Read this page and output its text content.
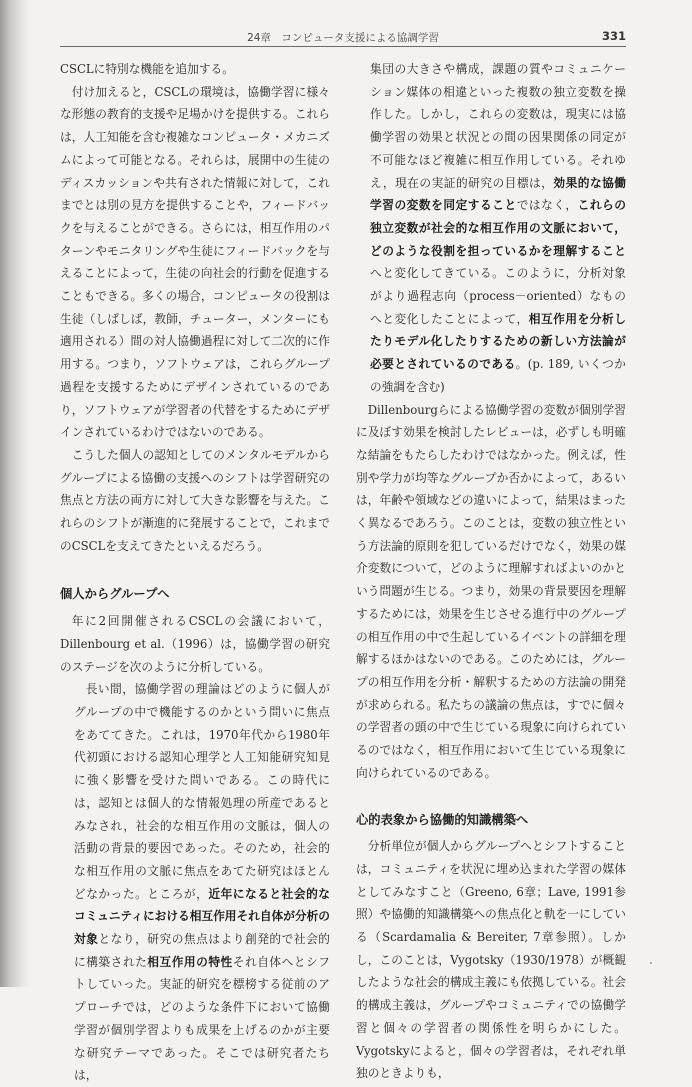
24章　コンピュータ支援による協調学習	331

CSCLに特別な機能を追加する。

付け加えると，CSCLの環境は，協働学習に様々な形態の教育的支援や足場かけを提供する。これらは，人工知能を含む複雑なコンピュータ・メカニズムによって可能となる。それらは，展開中の生徒のディスカッションや共有された情報に対して，これまでとは別の見方を提供することや，フィードバックを与えることができる。さらには，相互作用のパターンやモニタリングや生徒にフィードバックを与えることによって，生徒の向社会的行動を促進することもできる。多くの場合，コンピュータの役割は生徒（しばしば，教師，チューター，メンターにも適用される）間の対人協働過程に対して二次的に作用する。つまり，ソフトウェアは，これらグループ過程を支援するためにデザインされているのであり，ソフトウェアが学習者の代替をするためにデザインされているわけではないのである。

こうした個人の認知としてのメンタルモデルからグループによる協働の支援へのシフトは学習研究の焦点と方法の両方に対して大きな影響を与えた。これらのシフトが漸進的に発展することで，これまでのCSCLを支えてきたといえるだろう。

個人からグループへ

年に2回開催されるCSCLの会議において，Dillenbourg et al.（1996）は，協働学習の研究のステージを次のように分析している。

長い間，協働学習の理論はどのように個人がグループの中で機能するのかという問いに焦点をあててきた。これは，1970年代から1980年代初頭における認知心理学と人工知能研究知見に強く影響を受けた問いである。この時代には，認知とは個人的な情報処理の所産であるとみなされ，社会的な相互作用の文脈は，個人の活動の背景的要因であった。そのため，社会的な相互作用の文脈に焦点をあてた研究はほとんどなかった。ところが，近年になると社会的なコミュニティにおける相互作用それ自体が分析の対象となり，研究の焦点はより創発的で社会的に構築された相互作用の特性それ自体へとシフトしていった。実証的研究を標榜する従前のアプローチでは，どのような条件下において協働学習が個別学習よりも成果を上げるのかが主要な研究テーマであった。そこでは研究者たちは，

集団の大きさや構成，課題の質やコミュニケーション媒体の相違といった複数の独立変数を操作した。しかし，これらの変数は，現実には協働学習の効果と状況との間の因果関係の同定が不可能なほど複雑に相互作用している。それゆえ，現在の実証的研究の目標は，効果的な協働学習の変数を同定することではなく，これらの独立変数が社会的な相互作用の文脈において，どのような役割を担っているかを理解することへと変化してきている。このように，分析対象がより過程志向（process－oriented）なものへと変化したことによって，相互作用を分析したりモデル化したりするための新しい方法論が必要とされているのである。(p. 189, いくつかの強調を含む)

Dillenbourgらによる協働学習の変数が個別学習に及ぼす効果を検討したレビューは，必ずしも明確な結論をもたらしたわけではなかった。例えば，性別や学力が均等なグループか否かによって，あるいは，年齢や領域などの違いによって，結果はまったく異なるであろう。このことは，変数の独立性という方法論的原則を犯しているだけでなく，効果の媒介変数について，どのように理解すればよいのかという問題が生じる。つまり，効果の背景要因を理解するためには，効果を生じさせる進行中のグループの相互作用の中で生起しているイベントの詳細を理解するほかはないのである。このためには，グループの相互作用を分析・解釈するための方法論の開発が求められる。私たちの議論の焦点は，すでに個々の学習者の頭の中で生じている現象に向けられているのではなく，相互作用において生じている現象に向けられているのである。

心的表象から協働的知識構築へ

分析単位が個人からグループへとシフトすることは，コミュニティを状況に埋め込まれた学習の媒体としてみなすこと（Greeno, 6章；Lave, 1991参照）や協働的知識構築への焦点化と軌を一にしている（Scardamalia & Bereiter, 7章参照）。しかし，このことは，Vygotsky（1930/1978）が概観したような社会的構成主義にも依拠している。社会的構成主義は，グループやコミュニティでの協働学習と個々の学習者の関係性を明らかにした。Vygotskyによると，個々の学習者は，それぞれ単独のときよりも，
